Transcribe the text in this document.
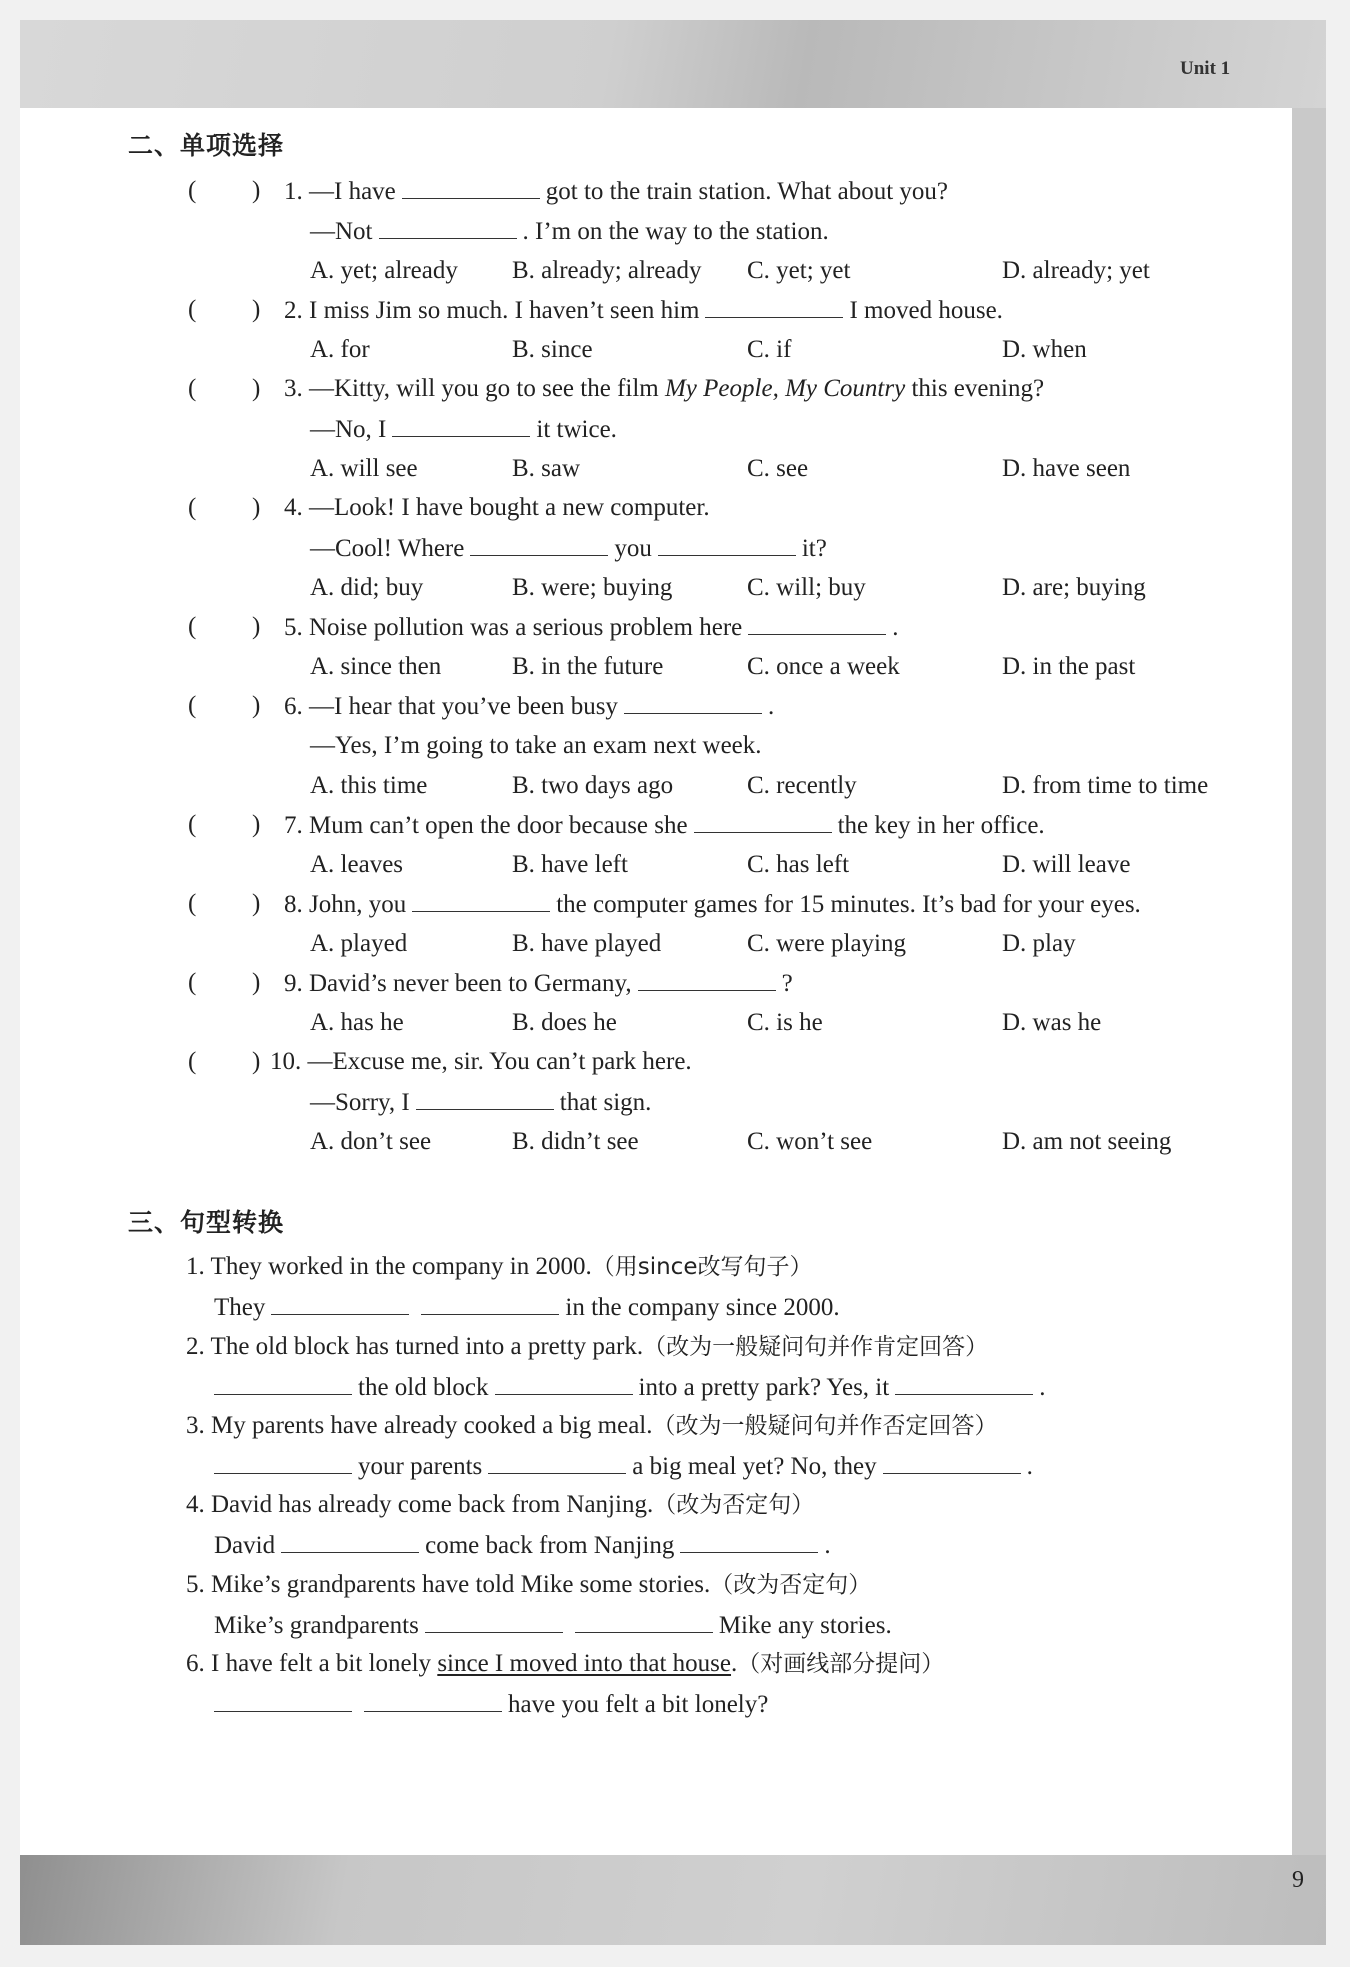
Unit 1
9
二、单项选择
( ) 1. —I have	got to the train station. What about you?
—Not	. I’m on the way to the station.
A. yet; already B. already; already C. yet; yet	D. already; yet
( ) 2. I miss Jim so much. I haven’t seen him	I moved house.
A. for	B. since	C. if	D. when
( ) 3. —Kitty, will you go to see the film My People, My Country this evening?
—No, I	it twice.
A. will see	B. saw	C. see	D. have seen
( ) 4. —Look! I have bought a new computer.
—Cool! Where	you	it?
A. did; buy	B. were; buying	C. will; buy	D. are; buying
( ) 5. Noise pollution was a serious problem here	.
A. since then	B. in the future	C. once a week	D. in the past
( ) 6. —I hear that you’ve been busy	.
—Yes, I’m going to take an exam next week.
A. this time	B. two days ago	C. recently	D. from time to time
( ) 7. Mum can’t open the door because she	the key in her office.
A. leaves	B. have left	C. has left	D. will leave
( ) 8. John, you	the computer games for 15 minutes. It’s bad for your eyes.
A. played	B. have played	C. were playing	D. play
( ) 9. David’s never been to Germany,	?
A. has he	B. does he	C. is he	D. was he
( ) 10. —Excuse me, sir. You can’t park here.
—Sorry, I	that sign.
A. don’t see	B. didn’t see	C. won’t see	D. am not seeing
三、句型转换
1. They worked in the company in 2000.（用since改写句子）
They	in the company since 2000.
2. The old block has turned into a pretty park.（改为一般疑问句并作肯定回答）
the old block	into a pretty park? Yes, it	.
3. My parents have already cooked a big meal.（改为一般疑问句并作否定回答）
your parents	a big meal yet? No, they	.
4. David has already come back from Nanjing.（改为否定句）
David	come back from Nanjing	.
5. Mike’s grandparents have told Mike some stories.（改为否定句）
Mike’s grandparents	Mike any stories.
6. I have felt a bit lonely since I moved into that house.（对画线部分提问）
have you felt a bit lonely?
